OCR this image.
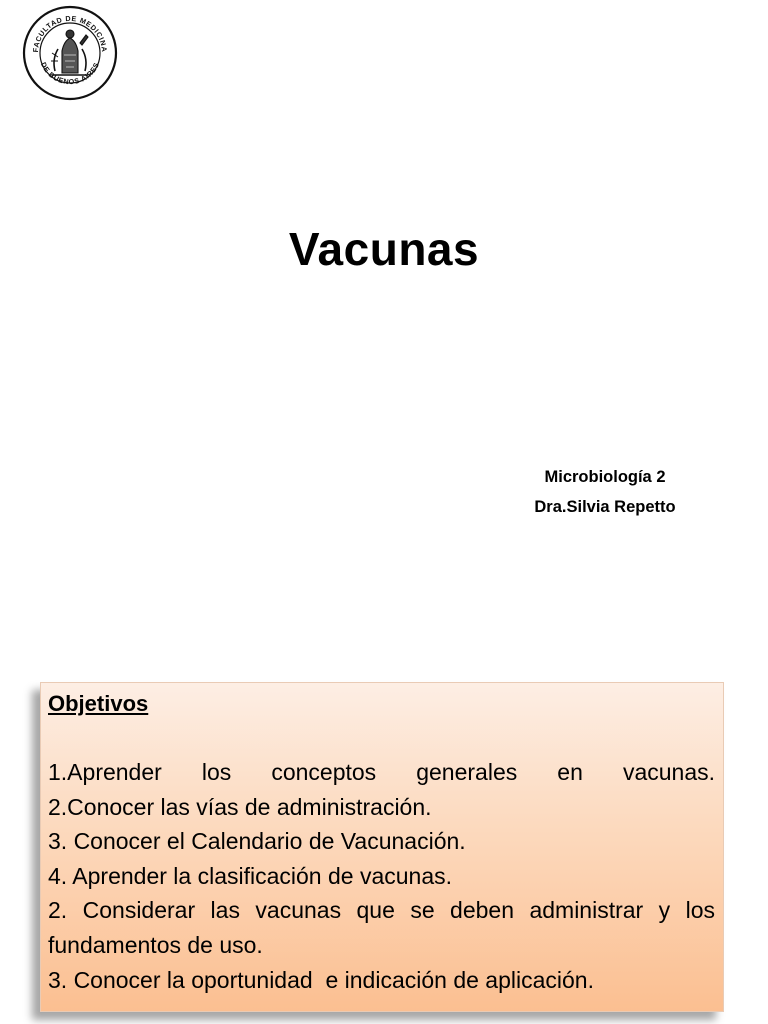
FACULTAD DE MEDICINA
DE BUENOS AIRES
Vacunas
Microbiología 2
Dra.Silvia Repetto

Objetivos

1.Aprender los conceptos generales en vacunas.
2.Conocer las vías de administración.
3. Conocer el Calendario de Vacunación.
4. Aprender la clasificación de vacunas.
2. Considerar las vacunas que se deben administrar y los fundamentos de uso.
3. Conocer la oportunidad  e indicación de aplicación.
